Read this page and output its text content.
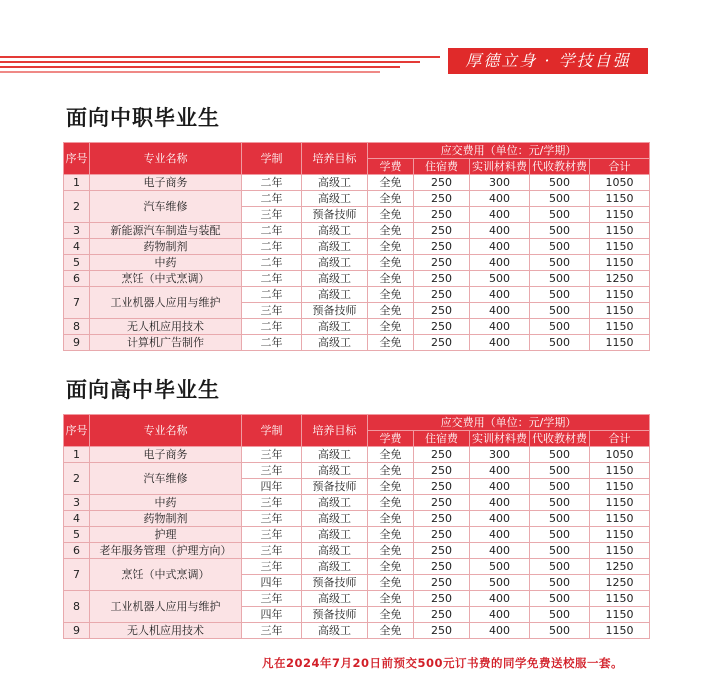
厚德立身 · 学技自强
面向中职毕业生
序号	专业名称	学制	培养目标	应交费用（单位：元/学期）				
				学费	住宿费	实训材料费	代收教材费	合计
1	电子商务	二年	高级工	全免	250	300	500	1050
2	汽车维修	二年	高级工	全免	250	400	500	1150
		三年	预备技师	全免	250	400	500	1150
3	新能源汽车制造与装配	二年	高级工	全免	250	400	500	1150
4	药物制剂	二年	高级工	全免	250	400	500	1150
5	中药	二年	高级工	全免	250	400	500	1150
6	烹饪（中式烹调）	二年	高级工	全免	250	500	500	1250
7	工业机器人应用与维护	二年	高级工	全免	250	400	500	1150
		三年	预备技师	全免	250	400	500	1150
8	无人机应用技术	二年	高级工	全免	250	400	500	1150
9	计算机广告制作	二年	高级工	全免	250	400	500	1150
面向高中毕业生
序号	专业名称	学制	培养目标	应交费用（单位：元/学期）				
				学费	住宿费	实训材料费	代收教材费	合计
1	电子商务	三年	高级工	全免	250	300	500	1050
2	汽车维修	三年	高级工	全免	250	400	500	1150
		四年	预备技师	全免	250	400	500	1150
3	中药	三年	高级工	全免	250	400	500	1150
4	药物制剂	三年	高级工	全免	250	400	500	1150
5	护理	三年	高级工	全免	250	400	500	1150
6	老年服务管理（护理方向）	三年	高级工	全免	250	400	500	1150
7	烹饪（中式烹调）	三年	高级工	全免	250	500	500	1250
		四年	预备技师	全免	250	500	500	1250
8	工业机器人应用与维护	三年	高级工	全免	250	400	500	1150
		四年	预备技师	全免	250	400	500	1150
9	无人机应用技术	三年	高级工	全免	250	400	500	1150
凡在2024年7月20日前预交500元订书费的同学免费送校服一套。
